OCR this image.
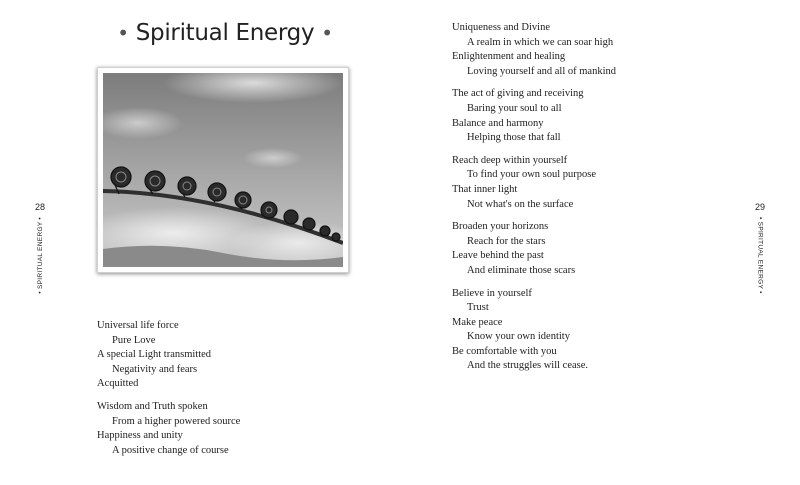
28
• SPIRITUAL ENERGY •
• Spiritual Energy •
Universal life force
Pure Love
A special Light transmitted
Negativity and fears
Acquitted
Wisdom and Truth spoken
From a higher powered source
Happiness and unity
A positive change of course
Uniqueness and Divine
A realm in which we can soar high
Enlightenment and healing
Loving yourself and all of mankind
The act of giving and receiving
Baring your soul to all
Balance and harmony
Helping those that fall
Reach deep within yourself
To find your own soul purpose
That inner light
Not what's on the surface
Broaden your horizons
Reach for the stars
Leave behind the past
And eliminate those scars
Believe in yourself
Trust
Make peace
Know your own identity
Be comfortable with you
And the struggles will cease.
29
• SPIRITUAL ENERGY •
